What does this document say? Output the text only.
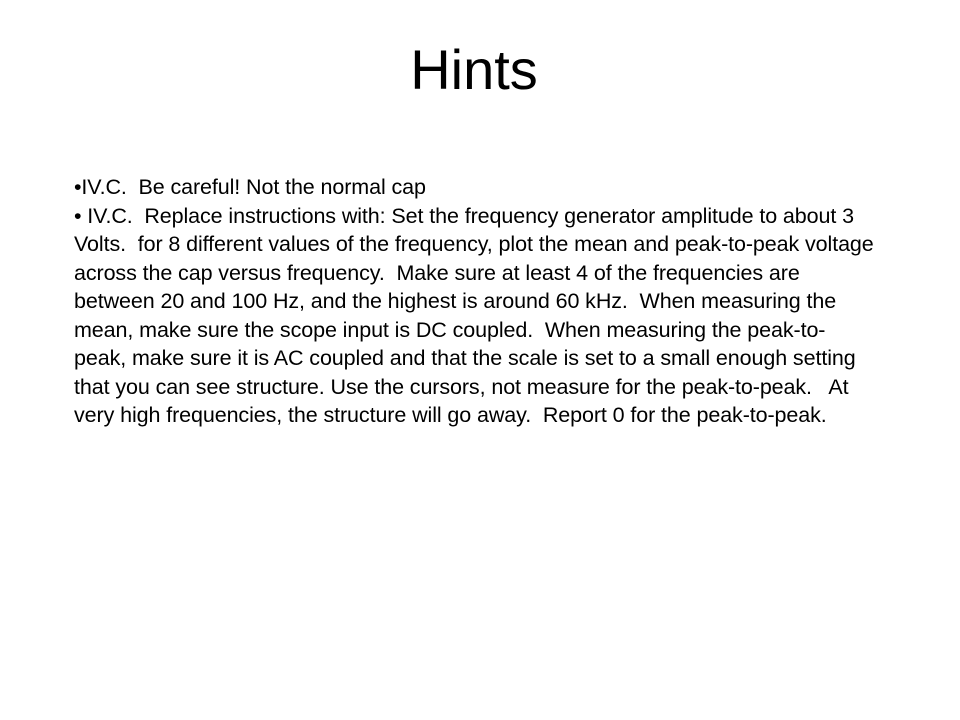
Hints

•IV.C.  Be careful! Not the normal cap

• IV.C.  Replace instructions with: Set the frequency generator amplitude to about 3 Volts.  for 8 different values of the frequency, plot the mean and peak-to-peak voltage across the cap versus frequency.  Make sure at least 4 of the frequencies are between 20 and 100 Hz, and the highest is around 60 kHz.  When measuring the mean, make sure the scope input is DC coupled.  When measuring the peak-to-peak, make sure it is AC coupled and that the scale is set to a small enough setting that you can see structure. Use the cursors, not measure for the peak-to-peak.   At very high frequencies, the structure will go away.  Report 0 for the peak-to-peak.
